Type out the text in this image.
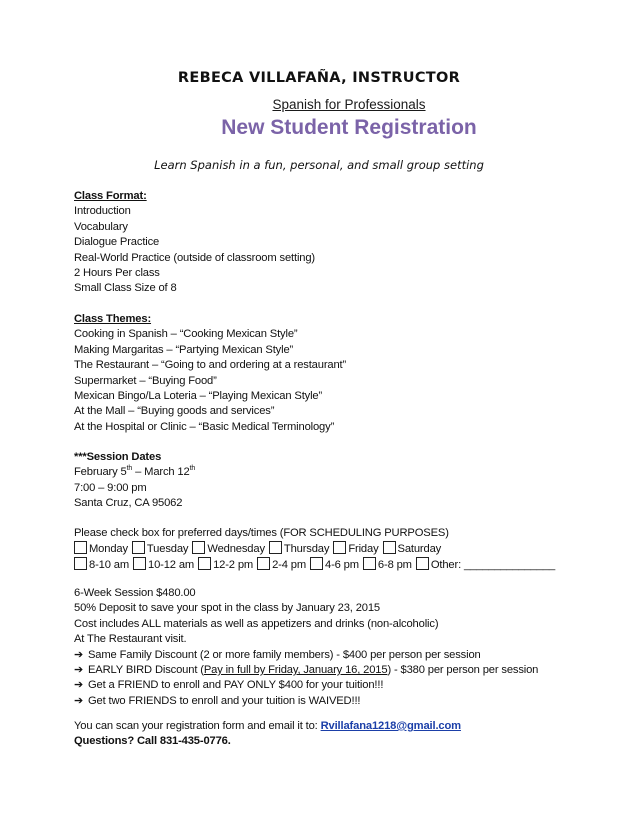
REBECA VILLAFAÑA, INSTRUCTOR
Spanish for Professionals
New Student Registration
Learn Spanish in a fun, personal, and small group setting
Class Format:
Introduction
Vocabulary
Dialogue Practice
Real-World Practice (outside of classroom setting)
2 Hours Per class
Small Class Size of 8
Class Themes:
Cooking in Spanish – “Cooking Mexican Style”
Making Margaritas – “Partying Mexican Style”
The Restaurant – “Going to and ordering at a restaurant”
Supermarket – “Buying Food”
Mexican Bingo/La Loteria – “Playing Mexican Style”
At the Mall – “Buying goods and services”
At the Hospital or Clinic – “Basic Medical Terminology”
***Session Dates
February 5th – March 12th
7:00 – 9:00 pm
Santa Cruz, CA 95062
Please check box for preferred days/times (FOR SCHEDULING PURPOSES)
Monday Tuesday Wednesday Thursday Friday Saturday
8-10 am 10-12 am 12-2 pm 2-4 pm 4-6 pm 6-8 pm Other: _______________
6-Week Session $480.00
50% Deposit to save your spot in the class by January 23, 2015
Cost includes ALL materials as well as appetizers and drinks (non-alcoholic)
At The Restaurant visit.
➔ Same Family Discount (2 or more family members) - $400 per person per session
➔ EARLY BIRD Discount (Pay in full by Friday, January 16, 2015) - $380 per person per session
➔ Get a FRIEND to enroll and PAY ONLY $400 for your tuition!!!
➔ Get two FRIENDS to enroll and your tuition is WAIVED!!!
You can scan your registration form and email it to: Rvillafana1218@gmail.com
Questions? Call 831-435-0776.
